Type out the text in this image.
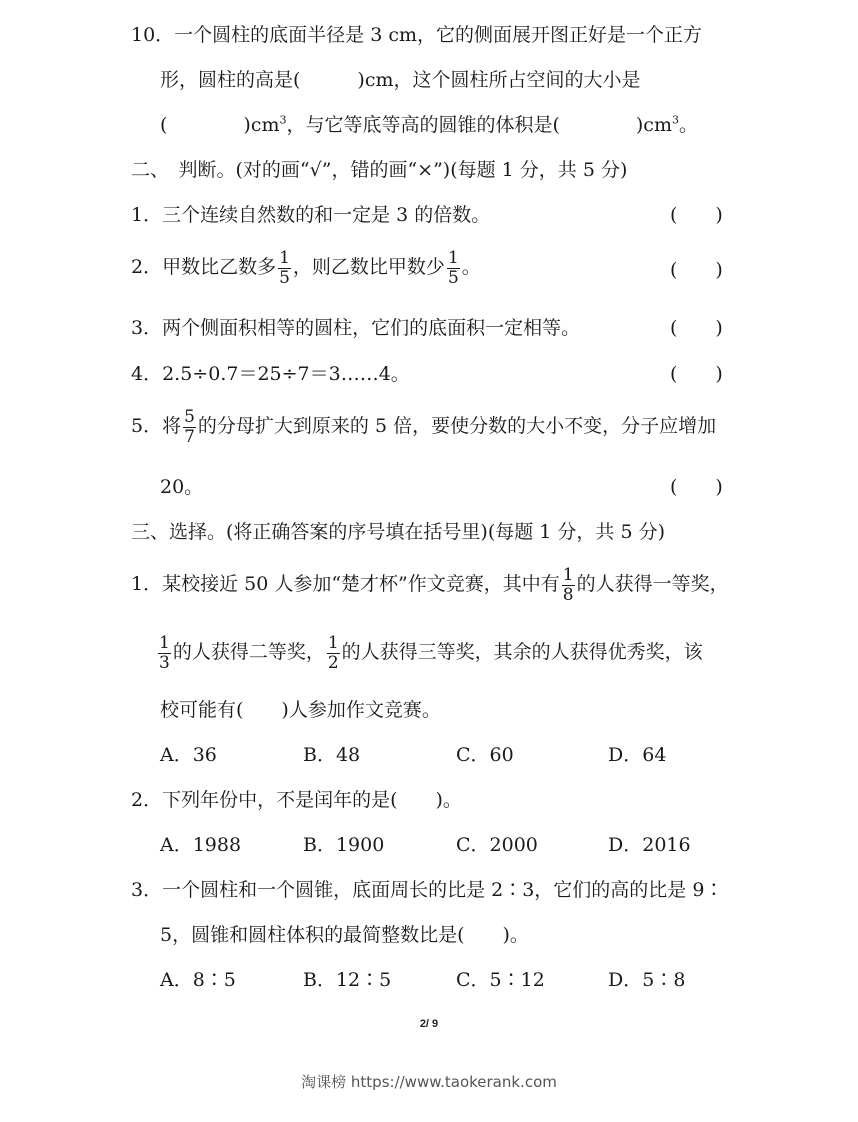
10．一个圆柱的底面半径是 3 cm，它的侧面展开图正好是一个正方
形，圆柱的高是(　　　)cm，这个圆柱所占空间的大小是
(　　　　)$cm^3$，与它等底等高的圆锥的体积是(　　　　)$cm^3$。
二、　判断。(对的画“√”，错的画“×”)(每题 1 分，共 5 分)
1．三个连续自然数的和一定是 3 的倍数。	(　　)
2．甲数比乙数多 $\frac{1}{5}$ ，则乙数比甲数少 $\frac{1}{5}$ 。	(　　)
3．两个侧面积相等的圆柱，它们的底面积一定相等。	(　　)
4．2.5÷0.7＝25÷7＝3……4。	(　　)
5．将 $\frac{5}{7}$ 的分母扩大到原来的 5 倍，要使分数的大小不变，分子应增加
20。	(　　)
三、选择。(将正确答案的序号填在括号里)(每题 1 分，共 5 分)
1．某校接近 50 人参加“楚才杯”作文竞赛，其中有 $\frac{1}{8}$ 的人获得一等奖，
$\frac{1}{3}$ 的人获得二等奖， $\frac{1}{2}$ 的人获得三等奖，其余的人获得优秀奖，该
校可能有(　　)人参加作文竞赛。
A．36	B．48	C．60	D．64
2．下列年份中，不是闰年的是(　　)。
A．1988	B．1900	C．2000	D．2016
3．一个圆柱和一个圆锥，底面周长的比是 2∶3，它们的高的比是 9∶
5，圆锥和圆柱体积的最简整数比是(　　)。
A．8∶5	B．12∶5	C．5∶12	D．5∶8
2/ 9
淘课榜 https://www.taokerank.com
